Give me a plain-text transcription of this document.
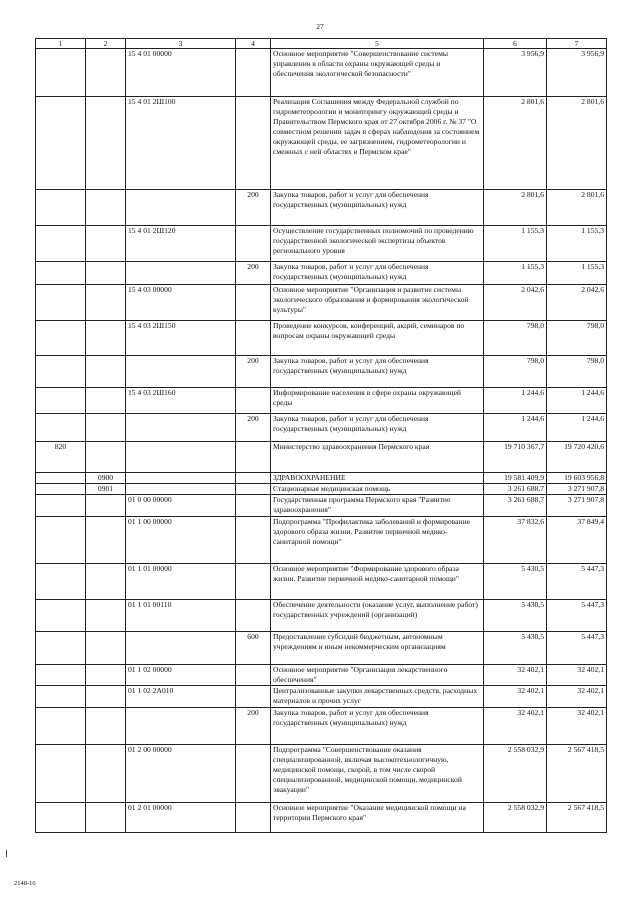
27
1	2	3	4	5	6	7
		15 4 01 00000		Основное мероприятие "Совершенствование системы управления в области охраны окружающей среды и обеспечения экологической безопасности"	3 956,9	3 956,9
		15 4 01 2Ш100		Реализация Соглашения между Федеральной службой по гидрометеорологии и мониторингу окружающей среды и Правительством Пермского края от 27 октября 2006 г. № 37 "О совместном решении задач в сферах наблюдения за состоянием окружающей среды, ее загрязнением, гидрометеорологии и смежных с ней областях в Пермском крае"	2 801,6	2 801,6
			200	Закупка товаров, работ и услуг для обеспечения государственных (муниципальных) нужд	2 801,6	2 801,6
		15 4 01 2Ш120		Осуществление государственных полномочий по проведению государственной экологической экспертизы объектов регионального уровня	1 155,3	1 155,3
			200	Закупка товаров, работ и услуг для обеспечения государственных (муниципальных) нужд	1 155,3	1 155,3
		15 4 03 00000		Основное мероприятие "Организация и развитие системы экологического образования и формирования экологической культуры"	2 042,6	2 042,6
		15 4 03 2Ш150		Проведение конкурсов, конференций, акций, семинаров по вопросам охраны окружающей среды	798,0	798,0
			200	Закупка товаров, работ и услуг для обеспечения государственных (муниципальных) нужд	798,0	798,0
		15 4 03 2Ш160		Информирование населения в сфере охраны окружающей среды	1 244,6	1 244,6
			200	Закупка товаров, работ и услуг для обеспечения государственных (муниципальных) нужд	1 244,6	1 244,6
820				Министерство здравоохранения Пермского края	19 710 367,7	19 720 420,6
	0900			ЗДРАВООХРАНЕНИЕ	19 581 409,9	19 603 956,8
	0901			Стационарная медицинская помощь	3 261 688,7	3 271 907,8
		01 0 00 00000		Государственная программа Пермского края "Развитие здравоохранения"	3 261 688,7	3 271 907,8
		01 1 00 00000		Подпрограмма "Профилактика заболеваний и формирование здорового образа жизни. Развитие первичной медико-санитарной помощи"	37 832,6	37 849,4
		01 1 01 00000		Основное мероприятие "Формирование здорового образа жизни. Развитие первичной медико-санитарной помощи"	5 430,5	5 447,3
		01 1 01 00110		Обеспечение деятельности (оказание услуг, выполнение работ) государственных учреждений (организаций)	5 430,5	5 447,3
			600	Предоставление субсидий бюджетным, автономным учреждениям и иным некоммерческим организациям	5 430,5	5 447,3
		01 1 02 00000		Основное мероприятие "Организация лекарственного обеспечения"	32 402,1	32 402,1
		01 1 02 2А010		Централизованные закупки лекарственных средств, расходных материалов и прочих услуг	32 402,1	32 402,1
			200	Закупка товаров, работ и услуг для обеспечения государственных (муниципальных) нужд	32 402,1	32 402,1
		01 2 00 00000		Подпрограмма "Совершенствование оказания специализированной, включая высокотехнологичную, медицинской помощи, скорой, в том числе скорой специализированной, медицинской помощи, медицинской эвакуации"	2 558 032,9	2 567 418,5
		01 2 01 00000		Основное мероприятие "Оказание медицинской помощи на территории Пермского края"	2 558 032,9	2 567 418,5
2148-16
